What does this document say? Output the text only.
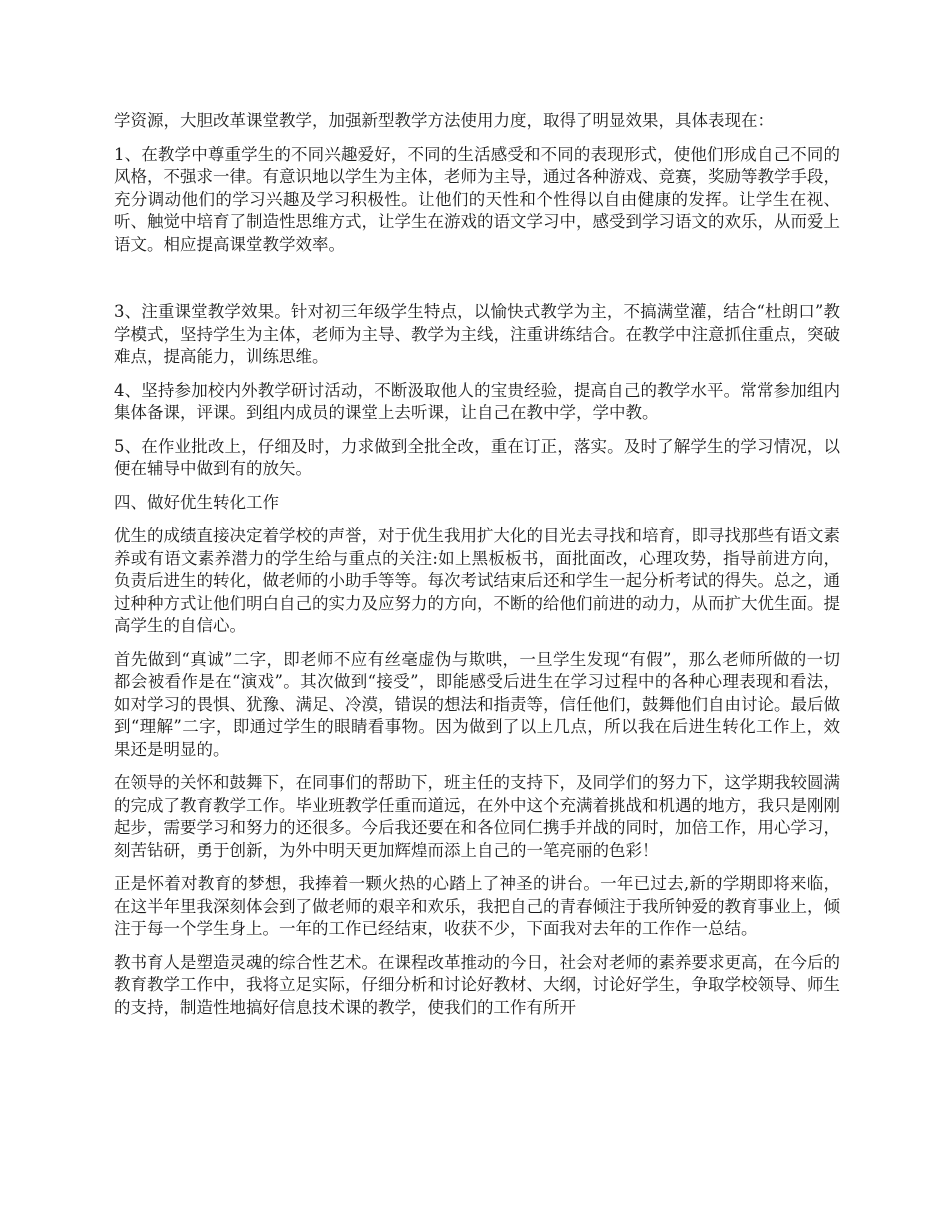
学资源，大胆改革课堂教学，加强新型教学方法使用力度，取得了明显效果，具体表现在：

1、在教学中尊重学生的不同兴趣爱好，不同的生活感受和不同的表现形式，使他们形成自己不同的风格，不强求一律。有意识地以学生为主体，老师为主导，通过各种游戏、竞赛，奖励等教学手段，充分调动他们的学习兴趣及学习积极性。让他们的天性和个性得以自由健康的发挥。让学生在视、听、触觉中培育了制造性思维方式，让学生在游戏的语文学习中，感受到学习语文的欢乐，从而爱上语文。相应提高课堂教学效率。

3、注重课堂教学效果。针对初三年级学生特点，以愉快式教学为主，不搞满堂灌，结合“杜朗口”教学模式，坚持学生为主体，老师为主导、教学为主线，注重讲练结合。在教学中注意抓住重点，突破难点，提高能力，训练思维。

4、坚持参加校内外教学研讨活动，不断汲取他人的宝贵经验，提高自己的教学水平。常常参加组内集体备课，评课。到组内成员的课堂上去听课，让自己在教中学，学中教。

5、在作业批改上，仔细及时，力求做到全批全改，重在订正，落实。及时了解学生的学习情况，以便在辅导中做到有的放矢。

四、做好优生转化工作

优生的成绩直接决定着学校的声誉，对于优生我用扩大化的目光去寻找和培育，即寻找那些有语文素养或有语文素养潜力的学生给与重点的关注:如上黑板板书，面批面改，心理攻势，指导前进方向，负责后进生的转化，做老师的小助手等等。每次考试结束后还和学生一起分析考试的得失。总之，通过种种方式让他们明白自己的实力及应努力的方向，不断的给他们前进的动力，从而扩大优生面。提高学生的自信心。

首先做到“真诚”二字，即老师不应有丝毫虚伪与欺哄，一旦学生发现“有假”，那么老师所做的一切都会被看作是在“演戏”。其次做到“接受”，即能感受后进生在学习过程中的各种心理表现和看法，如对学习的畏惧、犹豫、满足、冷漠，错误的想法和指责等，信任他们，鼓舞他们自由讨论。最后做到“理解”二字，即通过学生的眼睛看事物。因为做到了以上几点，所以我在后进生转化工作上，效果还是明显的。

在领导的关怀和鼓舞下，在同事们的帮助下，班主任的支持下，及同学们的努力下，这学期我较圆满的完成了教育教学工作。毕业班教学任重而道远，在外中这个充满着挑战和机遇的地方，我只是刚刚起步，需要学习和努力的还很多。今后我还要在和各位同仁携手并战的同时，加倍工作，用心学习，刻苦钻研，勇于创新，为外中明天更加辉煌而添上自己的一笔亮丽的色彩！

正是怀着对教育的梦想，我捧着一颗火热的心踏上了神圣的讲台。一年已过去,新的学期即将来临，在这半年里我深刻体会到了做老师的艰辛和欢乐，我把自己的青春倾注于我所钟爱的教育事业上，倾注于每一个学生身上。一年的工作已经结束，收获不少，下面我对去年的工作作一总结。

教书育人是塑造灵魂的综合性艺术。在课程改革推动的今日，社会对老师的素养要求更高，在今后的教育教学工作中，我将立足实际，仔细分析和讨论好教材、大纲，讨论好学生，争取学校领导、师生的支持，制造性地搞好信息技术课的教学，使我们的工作有所开
